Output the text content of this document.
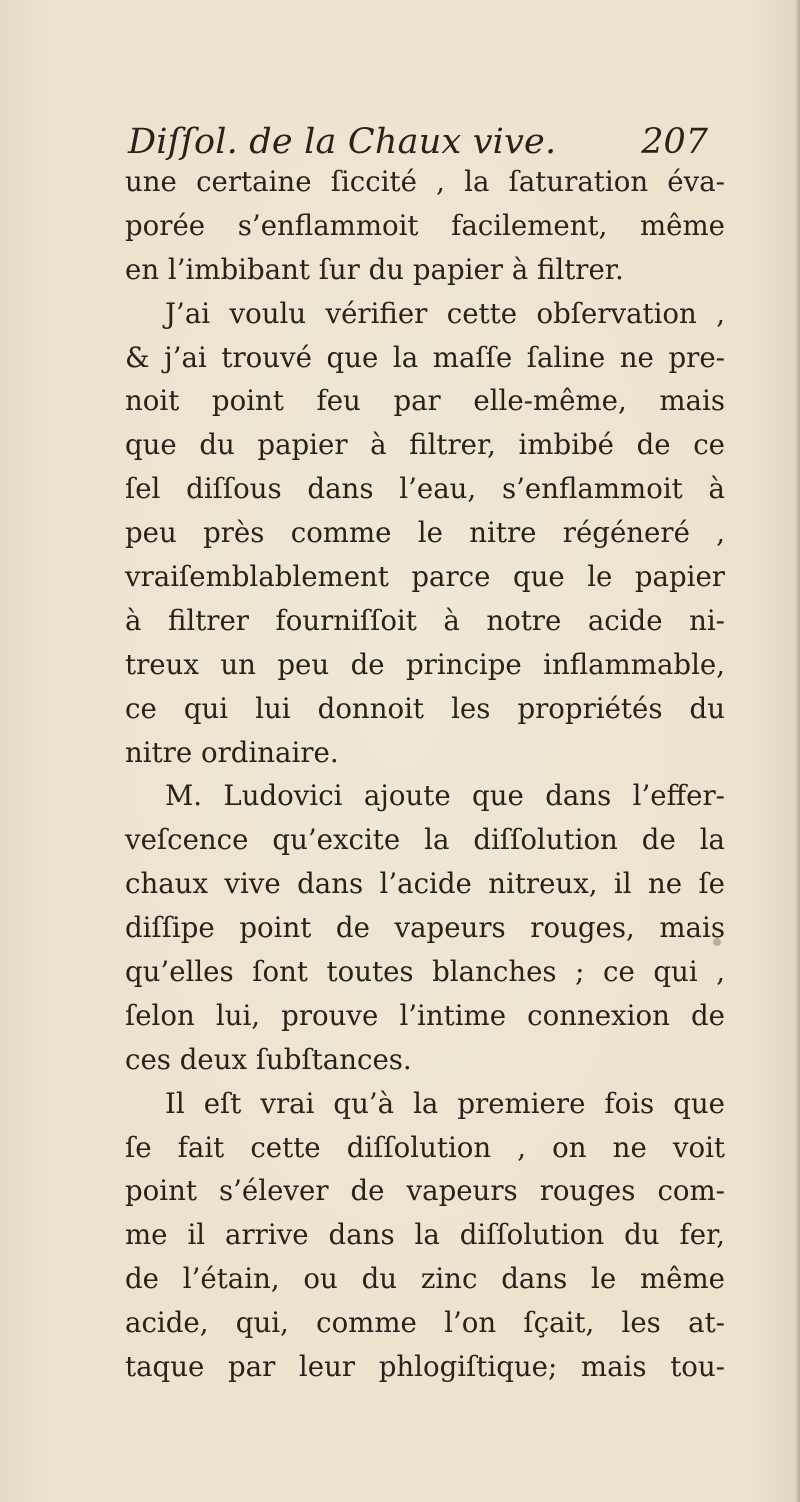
Diſſol. de la Chaux vive. 207
une certaine ſiccité , la ſaturation éva-
porée s’enflammoit facilement, même
en l’imbibant ſur du papier à filtrer.
J’ai voulu vérifier cette obſervation ,
& j’ai trouvé que la maſſe ſaline ne pre-
noit point feu par elle-même, mais
que du papier à filtrer, imbibé de ce
ſel diſſous dans l’eau, s’enflammoit à
peu près comme le nitre régéneré ,
vraiſemblablement parce que le papier
à filtrer fourniſſoit à notre acide ni-
treux un peu de principe inflammable,
ce qui lui donnoit les propriétés du
nitre ordinaire.
M. Ludovici ajoute que dans l’effer-
veſcence qu’excite la diſſolution de la
chaux vive dans l’acide nitreux, il ne ſe
diſſipe point de vapeurs rouges, mais
qu’elles ſont toutes blanches ; ce qui ,
ſelon lui, prouve l’intime connexion de
ces deux ſubſtances.
Il eſt vrai qu’à la premiere fois que
ſe fait cette diſſolution , on ne voit
point s’élever de vapeurs rouges com-
me il arrive dans la diſſolution du fer,
de l’étain, ou du zinc dans le même
acide, qui, comme l’on ſçait, les at-
taque par leur phlogiſtique; mais tou-
